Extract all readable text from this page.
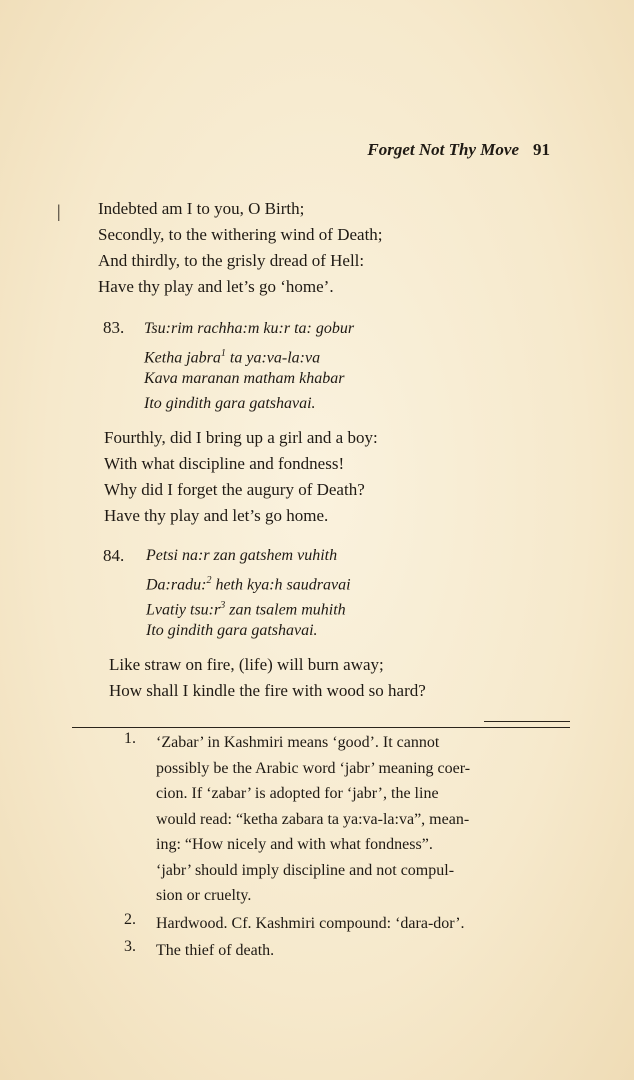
Forget Not Thy Move 91
| Indebted am I to you, O Birth;
Secondly, to the withering wind of Death;
And thirdly, to the grisly dread of Hell:
Have thy play and let’s go ‘home’.
83. Tsu:rim rachha:m ku:r ta: gobur
Ketha jabra$^1$ ta ya:va-la:va
Kava maranan matham khabar
Ito gindith gara gatshavai.
Fourthly, did I bring up a girl and a boy:
With what discipline and fondness!
Why did I forget the augury of Death?
Have thy play and let’s go home.
84. Petsi na:r zan gatshem vuhith
Da:radu:$^2$ heth kya:h saudravai
Lvatiy $tsu:r^3$ zan tsalem muhith
Ito gindith gara gatshavai.
Like straw on fire, (life) will burn away;
How shall I kindle the fire with wood so hard?
1. ‘Zabar’ in Kashmiri means ‘good’. It cannot
possibly be the Arabic word ‘jabr’ meaning coer-
cion. If ‘zabar’ is adopted for ‘jabr’, the line
would read: “ketha zabara ta ya:va-la:va”, mean-
ing: “How nicely and with what fondness”.
‘jabr’ should imply discipline and not compul-
sion or cruelty.
2. Hardwood. Cf. Kashmiri compound: ‘dara-dor’.
3. The thief of death.
